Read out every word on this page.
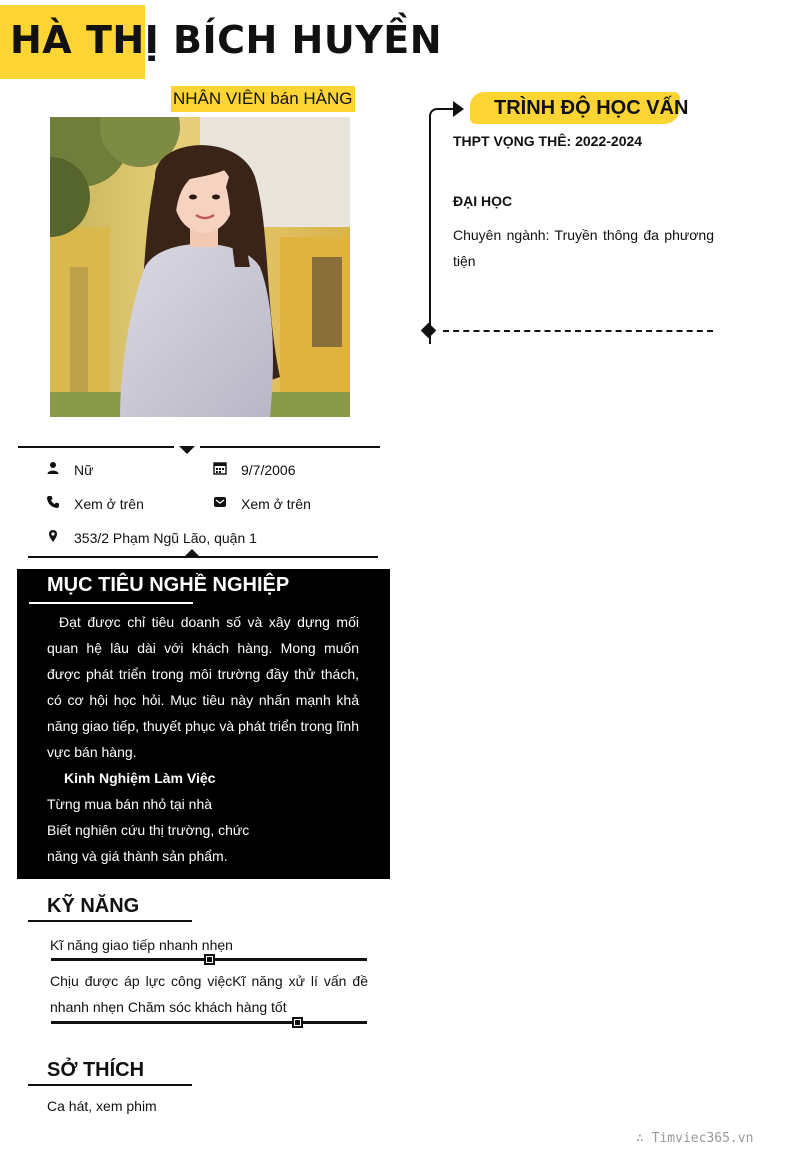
HÀ THỊ BÍCH HUYỀN
NHÂN VIÊN bán HÀNG
Nữ	9/7/2006
Xem ở trên	Xem ở trên
353/2 Phạm Ngũ Lão, quận 1
MỤC TIÊU NGHỀ NGHIỆP
Đạt được chỉ tiêu doanh số và xây dựng mối quan hệ lâu dài với khách hàng. Mong muốn được phát triển trong môi trường đầy thử thách, có cơ hội học hỏi. Mục tiêu này nhấn mạnh khả năng giao tiếp, thuyết phục và phát triển trong lĩnh vực bán hàng.
Kinh Nghiệm Làm Việc
Từng mua bán nhỏ tại nhà
Biết nghiên cứu thị trường, chức
năng và giá thành sản phẩm.
KỸ NĂNG
Kĩ năng giao tiếp nhanh nhẹn
Chịu được áp lực công việcKĩ năng xử lí vấn đề nhanh nhẹn Chăm sóc khách hàng tốt
SỞ THÍCH
Ca hát, xem phim
TRÌNH ĐỘ HỌC VẤN
THPT VỌNG THÊ: 2022-2024
ĐẠI HỌC
Chuyên ngành: Truyền thông đa phương tiện
∴ Timviec365.vn
